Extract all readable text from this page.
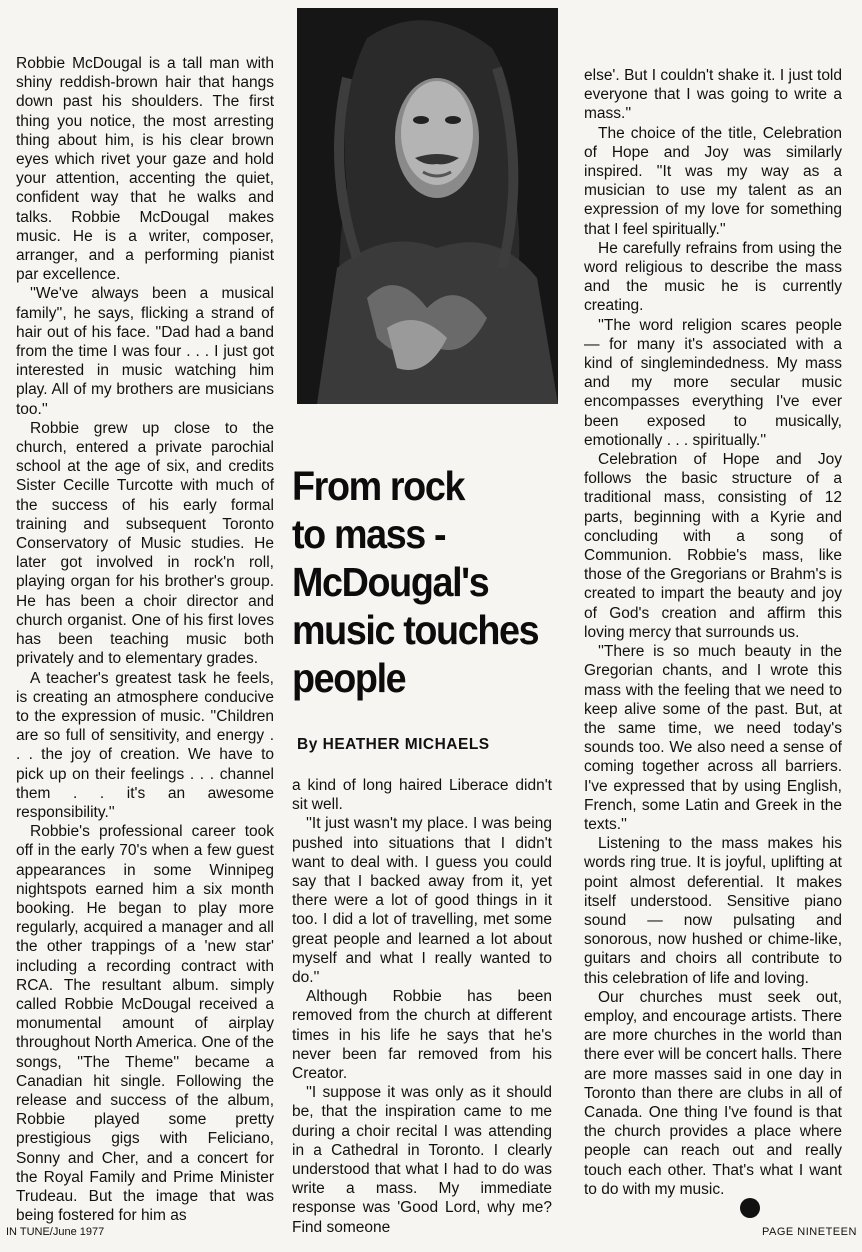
Robbie McDougal is a tall man with shiny reddish-brown hair that hangs down past his shoulders. The first thing you notice, the most arresting thing about him, is his clear brown eyes which rivet your gaze and hold your attention, accenting the quiet, confident way that he walks and talks. Robbie McDougal makes music. He is a writer, composer, arranger, and a performing pianist par excellence.

''We've always been a musical family'', he says, flicking a strand of hair out of his face. ''Dad had a band from the time I was four . . . I just got interested in music watching him play. All of my brothers are musicians too.''

Robbie grew up close to the church, entered a private parochial school at the age of six, and credits Sister Cecille Turcotte with much of the success of his early formal training and subsequent Toronto Conservatory of Music studies. He later got involved in rock'n roll, playing organ for his brother's group. He has been a choir director and church organist. One of his first loves has been teaching music both privately and to elementary grades.

A teacher's greatest task he feels, is creating an atmosphere conducive to the expression of music. ''Children are so full of sensitivity, and energy . . . the joy of creation. We have to pick up on their feelings . . . channel them . . it's an awesome responsibility.''

Robbie's professional career took off in the early 70's when a few guest appearances in some Winnipeg nightspots earned him a six month booking. He began to play more regularly, acquired a manager and all the other trappings of a 'new star' including a recording contract with RCA. The resultant album. simply called Robbie McDougal received a monumental amount of airplay throughout North America. One of the songs, ''The Theme'' became a Canadian hit single. Following the release and success of the album, Robbie played some pretty prestigious gigs with Feliciano, Sonny and Cher, and a concert for the Royal Family and Prime Minister Trudeau. But the image that was being fostered for him as

From rock
to mass -
McDougal's
music touches
people
By HEATHER MICHAELS

a kind of long haired Liberace didn't sit well.

''It just wasn't my place. I was being pushed into situations that I didn't want to deal with. I guess you could say that I backed away from it, yet there were a lot of good things in it too. I did a lot of travelling, met some great people and learned a lot about myself and what I really wanted to do.''

Although Robbie has been removed from the church at different times in his life he says that he's never been far removed from his Creator.

''I suppose it was only as it should be, that the inspiration came to me during a choir recital I was attending in a Cathedral in Toronto. I clearly understood that what I had to do was write a mass. My immediate response was 'Good Lord, why me? Find someone

else'. But I couldn't shake it. I just told everyone that I was going to write a mass.''

The choice of the title, Celebration of Hope and Joy was similarly inspired. ''It was my way as a musician to use my talent as an expression of my love for something that I feel spiritually.''

He carefully refrains from using the word religious to describe the mass and the music he is currently creating.

''The word religion scares people — for many it's associated with a kind of singlemindedness. My mass and my more secular music encompasses everything I've ever been exposed to musically, emotionally . . . spiritually.''

Celebration of Hope and Joy follows the basic structure of a traditional mass, consisting of 12 parts, beginning with a Kyrie and concluding with a song of Communion. Robbie's mass, like those of the Gregorians or Brahm's is created to impart the beauty and joy of God's creation and affirm this loving mercy that surrounds us.

''There is so much beauty in the Gregorian chants, and I wrote this mass with the feeling that we need to keep alive some of the past. But, at the same time, we need today's sounds too. We also need a sense of coming together across all barriers. I've expressed that by using English, French, some Latin and Greek in the texts.''

Listening to the mass makes his words ring true. It is joyful, uplifting at point almost deferential. It makes itself understood. Sensitive piano sound — now pulsating and sonorous, now hushed or chime-like, guitars and choirs all contribute to this celebration of life and loving.

Our churches must seek out, employ, and encourage artists. There are more churches in the world than there ever will be concert halls. There are more masses said in one day in Toronto than there are clubs in all of Canada. One thing I've found is that the church provides a place where people can reach out and really touch each other. That's what I want to do with my music.

IN TUNE/June 1977	PAGE NINETEEN
